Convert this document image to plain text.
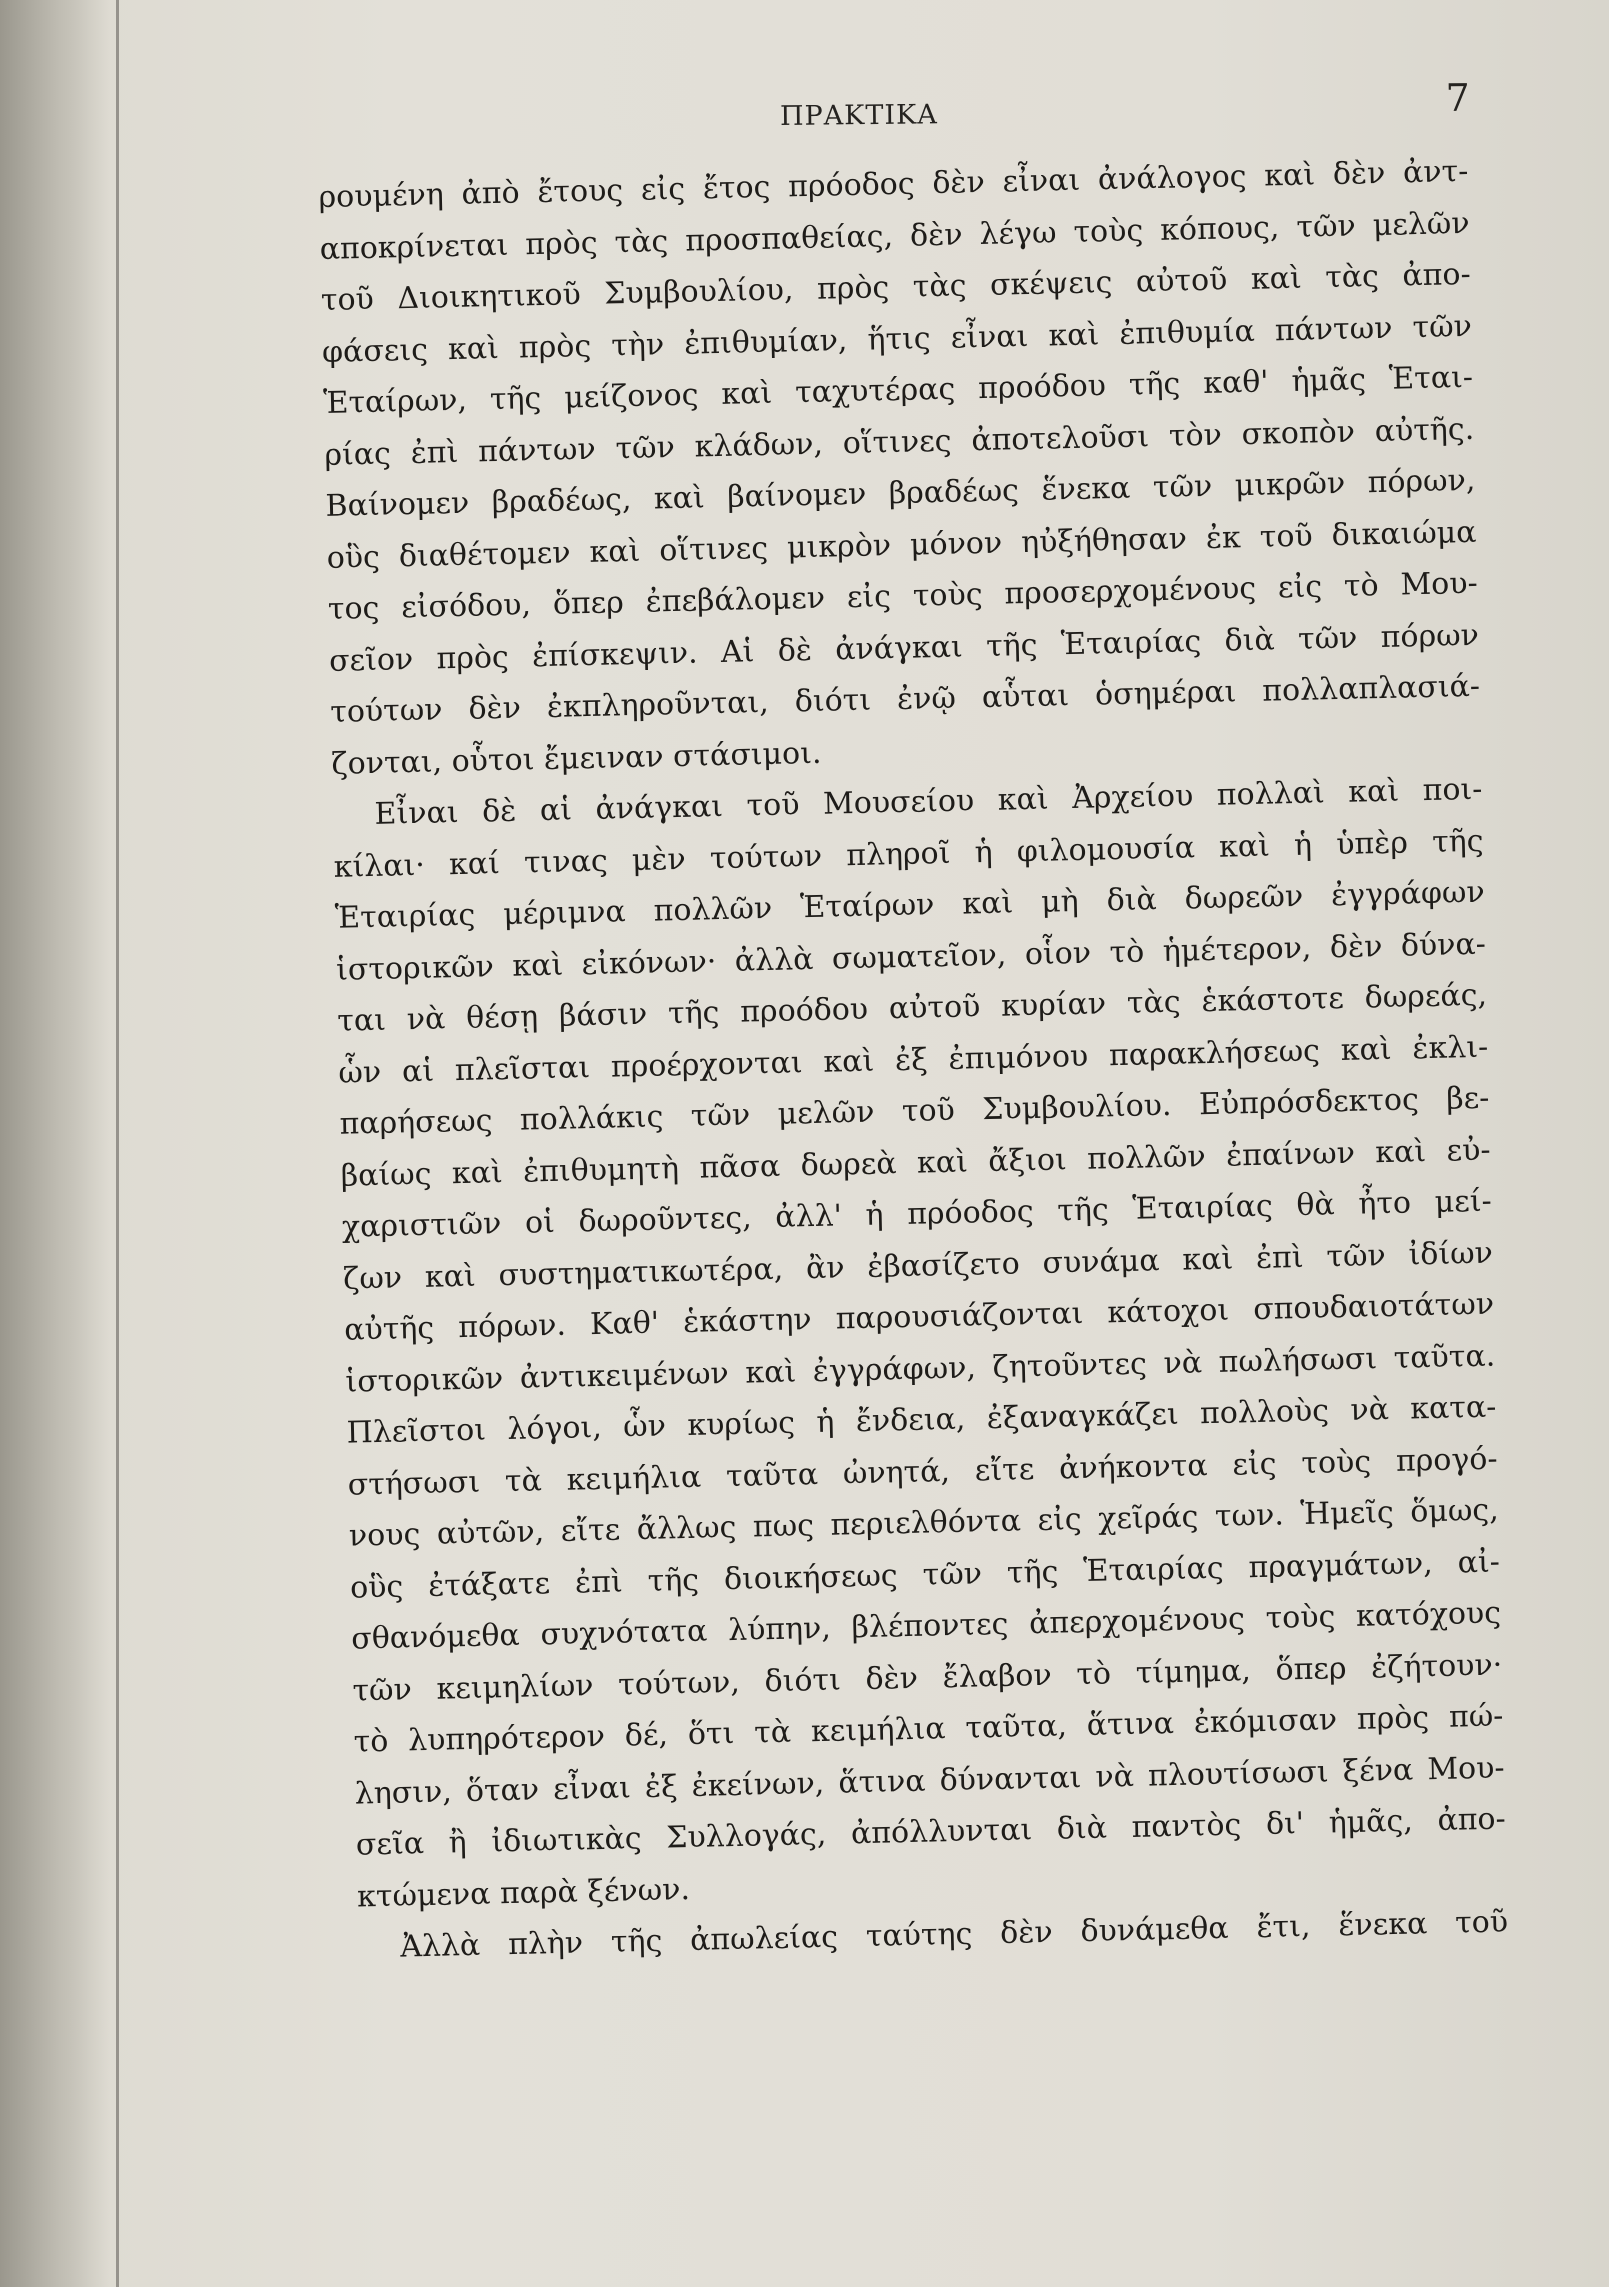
ΠΡΑΚΤΙΚΑ	7
ρουμένη ἀπὸ ἔτους εἰς ἔτος πρόοδος δὲν εἶναι ἀνάλογος καὶ δὲν ἀντ-
αποκρίνεται πρὸς τὰς προσπαθείας, δὲν λέγω τοὺς κόπους, τῶν μελῶν
τοῦ Διοικητικοῦ Συμβουλίου, πρὸς τὰς σκέψεις αὐτοῦ καὶ τὰς ἀπο-
φάσεις καὶ πρὸς τὴν ἐπιθυμίαν, ἥτις εἶναι καὶ ἐπιθυμία πάντων τῶν
Ἑταίρων, τῆς μείζονος καὶ ταχυτέρας προόδου τῆς καθ' ἡμᾶς Ἑται-
ρίας ἐπὶ πάντων τῶν κλάδων, οἵτινες ἀποτελοῦσι τὸν σκοπὸν αὐτῆς.
Βαίνομεν βραδέως, καὶ βαίνομεν βραδέως ἕνεκα τῶν μικρῶν πόρων,
οὓς διαθέτομεν καὶ οἵτινες μικρὸν μόνον ηὐξήθησαν ἐκ τοῦ δικαιώμα
τος εἰσόδου, ὅπερ ἐπεβάλομεν εἰς τοὺς προσερχομένους εἰς τὸ Μου-
σεῖον πρὸς ἐπίσκεψιν. Αἱ δὲ ἀνάγκαι τῆς Ἑταιρίας διὰ τῶν πόρων
τούτων δὲν ἐκπληροῦνται, διότι ἐνῷ αὗται ὁσημέραι πολλαπλασιά-
ζονται, οὗτοι ἔμειναν στάσιμοι.
Εἶναι δὲ αἱ ἀνάγκαι τοῦ Μουσείου καὶ Ἀρχείου πολλαὶ καὶ ποι-
κίλαι· καί τινας μὲν τούτων πληροῖ ἡ φιλομουσία καὶ ἡ ὑπὲρ τῆς
Ἑταιρίας μέριμνα πολλῶν Ἑταίρων καὶ μὴ διὰ δωρεῶν ἐγγράφων
ἱστορικῶν καὶ εἰκόνων· ἀλλὰ σωματεῖον, οἷον τὸ ἡμέτερον, δὲν δύνα-
ται νὰ θέσῃ βάσιν τῆς προόδου αὐτοῦ κυρίαν τὰς ἑκάστοτε δωρεάς,
ὧν αἱ πλεῖσται προέρχονται καὶ ἐξ ἐπιμόνου παρακλήσεως καὶ ἐκλι-
παρήσεως πολλάκις τῶν μελῶν τοῦ Συμβουλίου. Εὐπρόσδεκτος βε-
βαίως καὶ ἐπιθυμητὴ πᾶσα δωρεὰ καὶ ἄξιοι πολλῶν ἐπαίνων καὶ εὐ-
χαριστιῶν οἱ δωροῦντες, ἀλλ' ἡ πρόοδος τῆς Ἑταιρίας θὰ ἦτο μεί-
ζων καὶ συστηματικωτέρα, ἂν ἐβασίζετο συνάμα καὶ ἐπὶ τῶν ἰδίων
αὐτῆς πόρων. Καθ' ἑκάστην παρουσιάζονται κάτοχοι σπουδαιοτάτων
ἱστορικῶν ἀντικειμένων καὶ ἐγγράφων, ζητοῦντες νὰ πωλήσωσι ταῦτα.
Πλεῖστοι λόγοι, ὧν κυρίως ἡ ἔνδεια, ἐξαναγκάζει πολλοὺς νὰ κατα-
στήσωσι τὰ κειμήλια ταῦτα ὠνητά, εἴτε ἀνήκοντα εἰς τοὺς προγό-
νους αὐτῶν, εἴτε ἄλλως πως περιελθόντα εἰς χεῖράς των. Ἡμεῖς ὅμως,
οὓς ἐτάξατε ἐπὶ τῆς διοικήσεως τῶν τῆς Ἑταιρίας πραγμάτων, αἰ-
σθανόμεθα συχνότατα λύπην, βλέποντες ἀπερχομένους τοὺς κατόχους
τῶν κειμηλίων τούτων, διότι δὲν ἔλαβον τὸ τίμημα, ὅπερ ἐζήτουν·
τὸ λυπηρότερον δέ, ὅτι τὰ κειμήλια ταῦτα, ἅτινα ἐκόμισαν πρὸς πώ-
λησιν, ὅταν εἶναι ἐξ ἐκείνων, ἅτινα δύνανται νὰ πλουτίσωσι ξένα Μου-
σεῖα ἢ ἰδιωτικὰς Συλλογάς, ἀπόλλυνται διὰ παντὸς δι' ἡμᾶς, ἀπο-
κτώμενα παρὰ ξένων.
Ἀλλὰ πλὴν τῆς ἀπωλείας ταύτης δὲν δυνάμεθα ἔτι, ἕνεκα τοῦ
